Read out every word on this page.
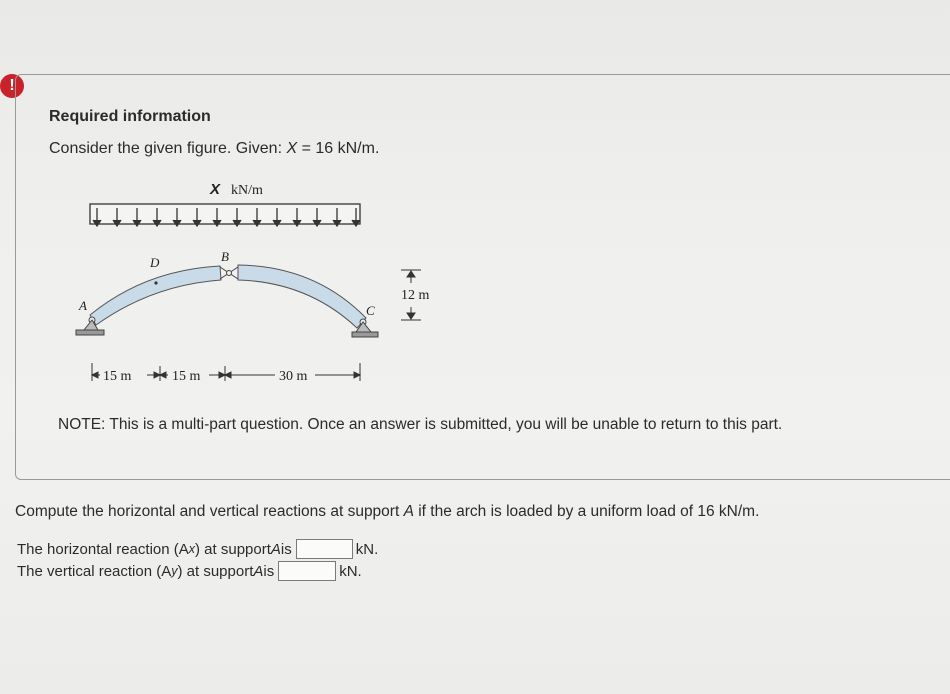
!
Required information
Consider the given figure. Given: X = 16 kN/m.
X kN/m
A
D	B
C
12 m
15 m	15 m	30 m
NOTE: This is a multi-part question. Once an answer is submitted, you will be unable to return to this part.
Compute the horizontal and vertical reactions at support A if the arch is loaded by a uniform load of 16 kN/m.
The horizontal reaction (A x ) at support A is	kN.
The vertical reaction (A y ) at support A is	kN.
